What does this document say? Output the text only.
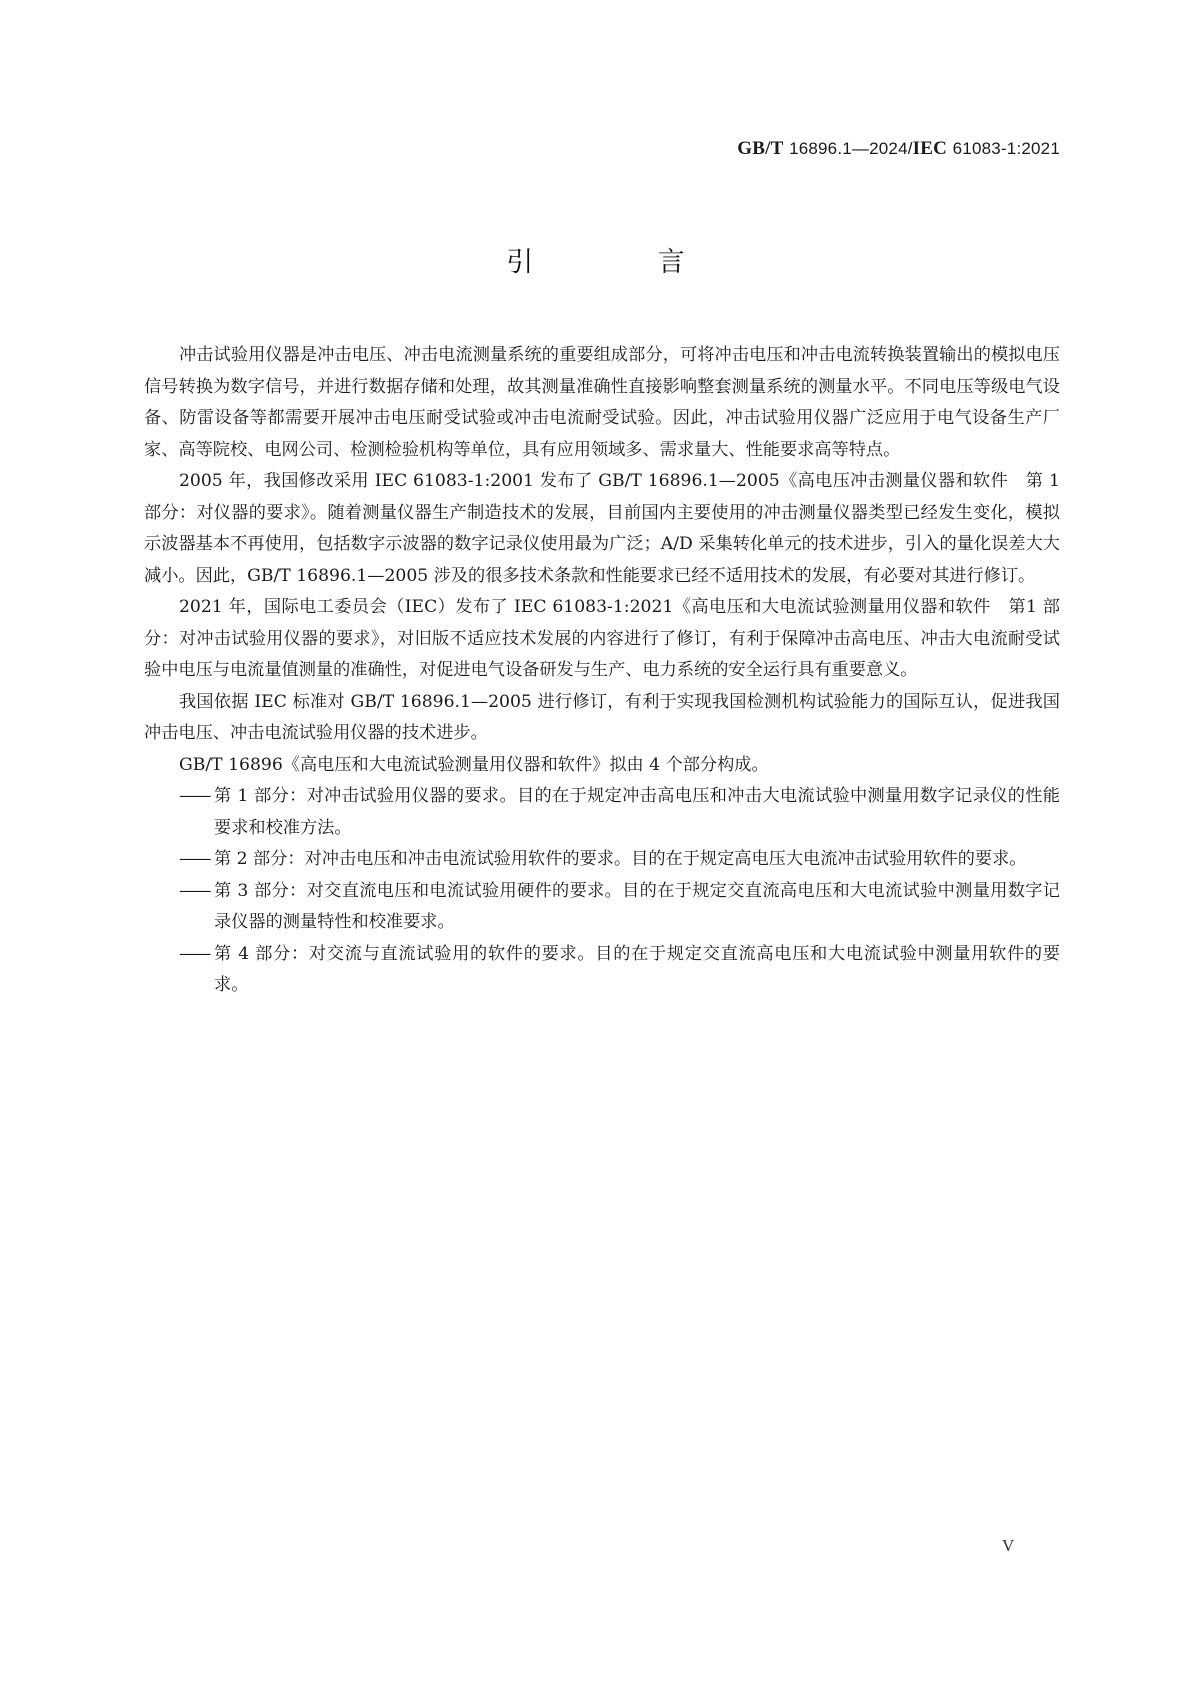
GB/T 16896.1—2024/IEC 61083-1:2021
引 言

冲击试验用仪器是冲击电压、冲击电流测量系统的重要组成部分，可将冲击电压和冲击电流转换装置输出的模拟电压信号转换为数字信号，并进行数据存储和处理，故其测量准确性直接影响整套测量系统的测量水平。不同电压等级电气设备、防雷设备等都需要开展冲击电压耐受试验或冲击电流耐受试验。因此，冲击试验用仪器广泛应用于电气设备生产厂家、高等院校、电网公司、检测检验机构等单位，具有应用领域多、需求量大、性能要求高等特点。

2005 年，我国修改采用 IEC 61083-1:2001 发布了 GB/T 16896.1—2005《高电压冲击测量仪器和软件　第 1 部分：对仪器的要求》。随着测量仪器生产制造技术的发展，目前国内主要使用的冲击测量仪器类型已经发生变化，模拟示波器基本不再使用，包括数字示波器的数字记录仪使用最为广泛；A/D 采集转化单元的技术进步，引入的量化误差大大减小。因此，GB/T 16896.1—2005 涉及的很多技术条款和性能要求已经不适用技术的发展，有必要对其进行修订。

2021 年，国际电工委员会（IEC）发布了 IEC 61083-1:2021《高电压和大电流试验测量用仪器和软件　第1 部分：对冲击试验用仪器的要求》，对旧版不适应技术发展的内容进行了修订，有利于保障冲击高电压、冲击大电流耐受试验中电压与电流量值测量的准确性，对促进电气设备研发与生产、电力系统的安全运行具有重要意义。

我国依据 IEC 标准对 GB/T 16896.1—2005 进行修订，有利于实现我国检测机构试验能力的国际互认，促进我国冲击电压、冲击电流试验用仪器的技术进步。

GB/T 16896《高电压和大电流试验测量用仪器和软件》拟由 4 个部分构成。

—— 第 1 部分：对冲击试验用仪器的要求。目的在于规定冲击高电压和冲击大电流试验中测量用数字记录仪的性能要求和校准方法。
—— 第 2 部分：对冲击电压和冲击电流试验用软件的要求。目的在于规定高电压大电流冲击试验用软件的要求。
—— 第 3 部分：对交直流电压和电流试验用硬件的要求。目的在于规定交直流高电压和大电流试验中测量用数字记录仪器的测量特性和校准要求。
—— 第 4 部分：对交流与直流试验用的软件的要求。目的在于规定交直流高电压和大电流试验中测量用软件的要求。
V
